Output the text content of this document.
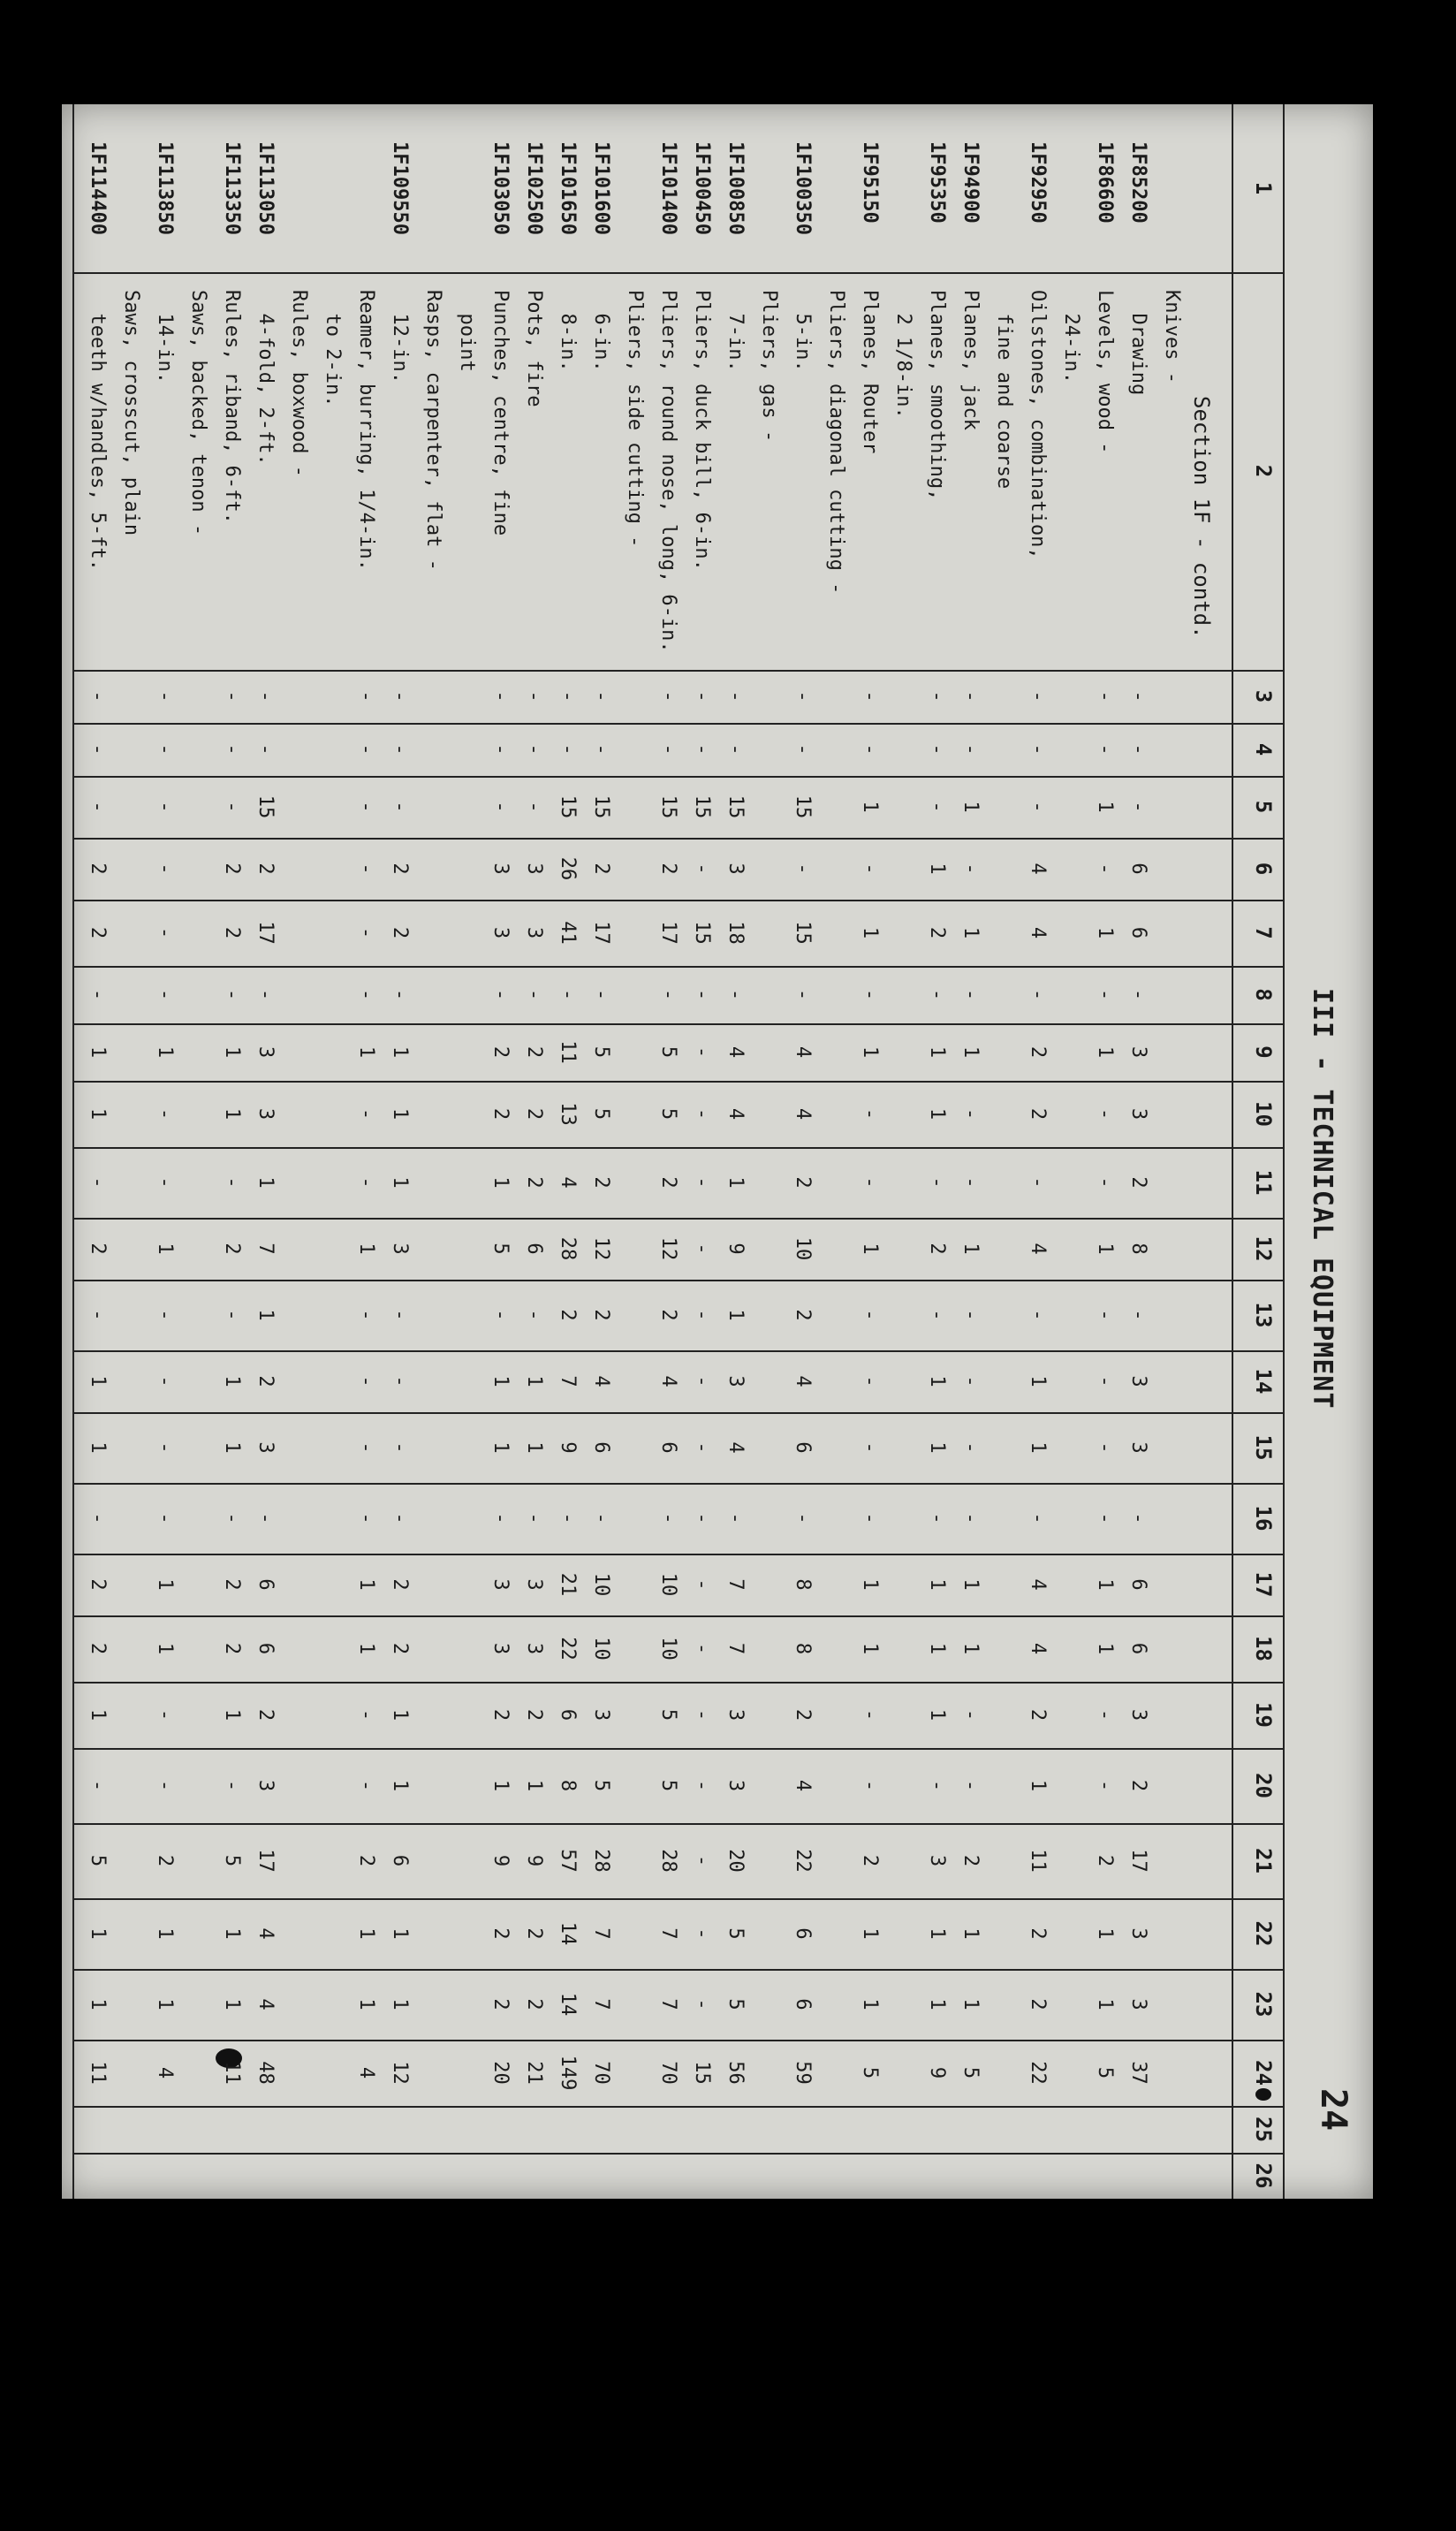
III - TECHNICAL EQUIPMENT
24
1
2
3
4
5
6
7
8
9
10
11
12
13
14
15
16
17
18
19
20
21
22
23
24
25
26
Section 1F - contd.
Knives -
1F85200
Drawing
-
-
-
6
6
-
3
3
2
8
-
3
3
-
6
6
3
2
17
3
3
37
1F86600
Levels, wood -
-
-
1
-
1
-
1
-
-
1
-
-
-
-
1
1
-
-
2
1
1
5
24-in.
1F92950
Oilstones, combination,
-
-
-
4
4
-
2
2
-
4
-
1
1
-
4
4
2
1
11
2
2
22
fine and coarse
1F94900
Planes, jack
-
-
1
-
1
-
1
-
-
1
-
-
-
-
1
1
-
-
2
1
1
5
1F95350
Planes, smoothing,
-
-
-
1
2
-
1
1
-
2
-
1
1
-
1
1
1
-
3
1
1
9
2 1/8-in.
1F95150
Planes, Router
-
-
1
-
1
-
1
-
-
1
-
-
-
-
1
1
-
-
2
1
1
5
Pliers, diagonal cutting -
1F100350
5-in.
-
-
15
-
15
-
4
4
2
10
2
4
6
-
8
8
2
4
22
6
6
59
Pliers, gas -
1F100850
7-in.
-
-
15
3
18
-
4
4
1
9
1
3
4
-
7
7
3
3
20
5
5
56
1F100450
Pliers, duck bill, 6-in.
-
-
15
-
15
-
-
-
-
-
-
-
-
-
-
-
-
-
-
-
-
15
1F101400
Pliers, round nose, long, 6-in.
-
-
15
2
17
-
5
5
2
12
2
4
6
-
10
10
5
5
28
7
7
70
Pliers, side cutting -
1F101600
6-in.
-
-
15
2
17
-
5
5
2
12
2
4
6
-
10
10
3
5
28
7
7
70
1F101650
8-in.
-
-
15
26
41
-
11
13
4
28
2
7
9
-
21
22
6
8
57
14
14
149
1F102500
Pots, fire
-
-
-
3
3
-
2
2
2
6
-
1
1
-
3
3
2
1
9
2
2
21
1F103050
Punches, centre, fine
-
-
-
3
3
-
2
2
1
5
-
1
1
-
3
3
2
1
9
2
2
20
point
Rasps, carpenter, flat -
1F109550
12-in.
-
-
-
2
2
-
1
1
1
3
-
-
-
-
2
2
1
1
6
1
1
12
Reamer, burring, 1/4-in.
-
-
-
-
-
-
1
-
-
1
-
-
-
-
1
1
-
-
2
1
1
4
to 2-in.
Rules, boxwood -
1F113050
4-fold, 2-ft.
-
-
15
2
17
-
3
3
1
7
1
2
3
-
6
6
2
3
17
4
4
48
1F113350
Rules, riband, 6-ft.
-
-
-
2
2
-
1
1
-
2
-
1
1
-
2
2
1
-
5
1
1
11
Saws, backed, tenon -
1F113850
14-in.
-
-
-
-
-
-
1
-
-
1
-
-
-
-
1
1
-
-
2
1
1
4
Saws, crosscut, plain
1F114400
teeth w/handles, 5-ft.
-
-
-
2
2
-
1
1
-
2
-
1
1
-
2
2
1
-
5
1
1
11
